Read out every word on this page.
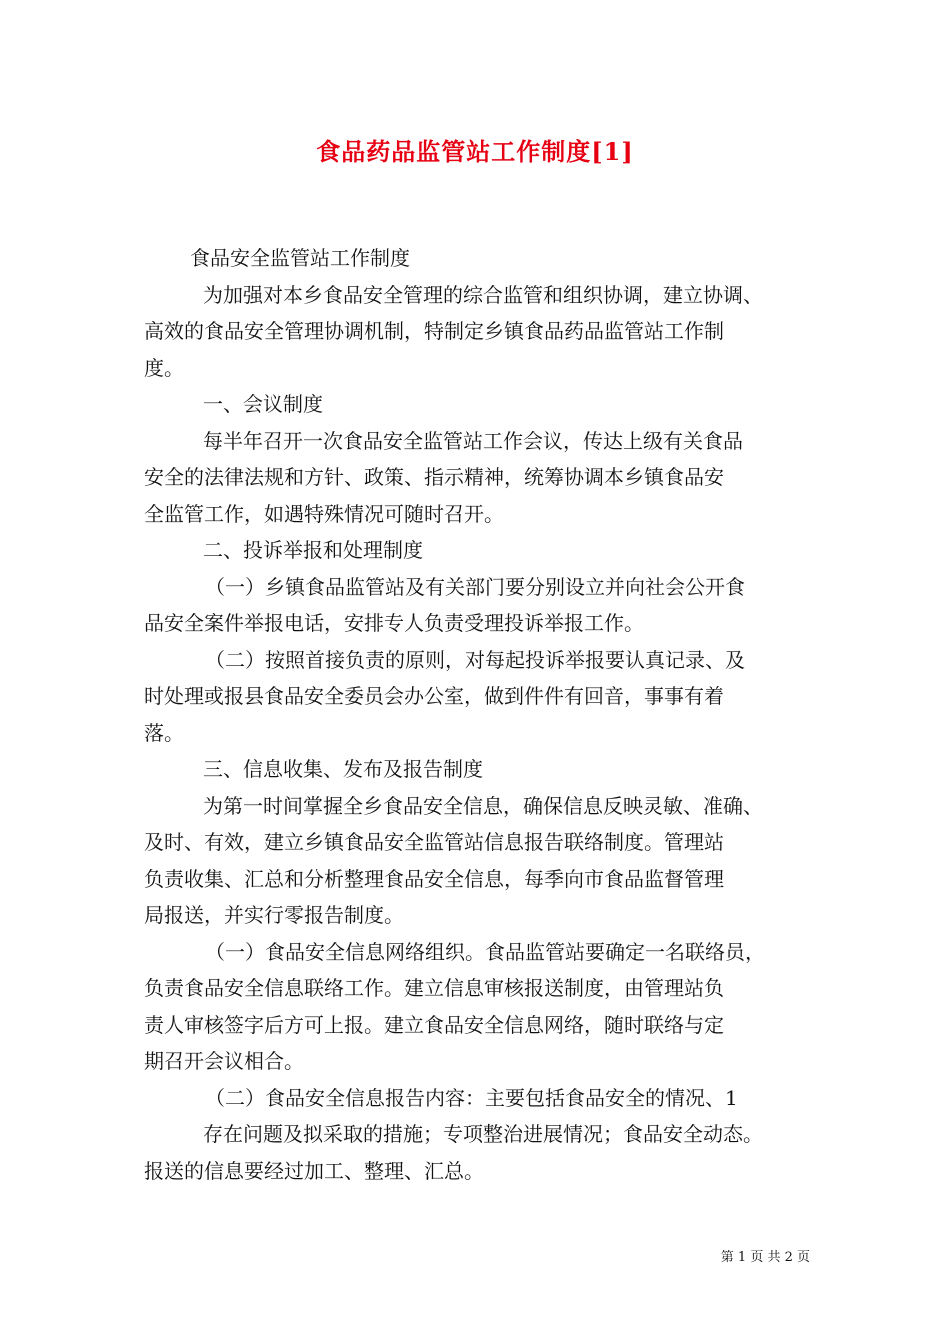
食品药品监管站工作制度[1]
食品安全监管站工作制度
为加强对本乡食品安全管理的综合监管和组织协调，建立协调、
高效的食品安全管理协调机制，特制定乡镇食品药品监管站工作制
度。
一、会议制度
每半年召开一次食品安全监管站工作会议，传达上级有关食品
安全的法律法规和方针、政策、指示精神，统筹协调本乡镇食品安
全监管工作，如遇特殊情况可随时召开。
二、投诉举报和处理制度
（一）乡镇食品监管站及有关部门要分别设立并向社会公开食
品安全案件举报电话，安排专人负责受理投诉举报工作。
（二）按照首接负责的原则，对每起投诉举报要认真记录、及
时处理或报县食品安全委员会办公室，做到件件有回音，事事有着
落。
三、信息收集、发布及报告制度
为第一时间掌握全乡食品安全信息，确保信息反映灵敏、准确、
及时、有效，建立乡镇食品安全监管站信息报告联络制度。管理站
负责收集、汇总和分析整理食品安全信息，每季向市食品监督管理
局报送，并实行零报告制度。
（一）食品安全信息网络组织。食品监管站要确定一名联络员，
负责食品安全信息联络工作。建立信息审核报送制度，由管理站负
责人审核签字后方可上报。建立食品安全信息网络，随时联络与定
期召开会议相合。
（二）食品安全信息报告内容：主要包括食品安全的情况、1
存在问题及拟采取的措施；专项整治进展情况；食品安全动态。
报送的信息要经过加工、整理、汇总。
第 1 页 共 2 页
